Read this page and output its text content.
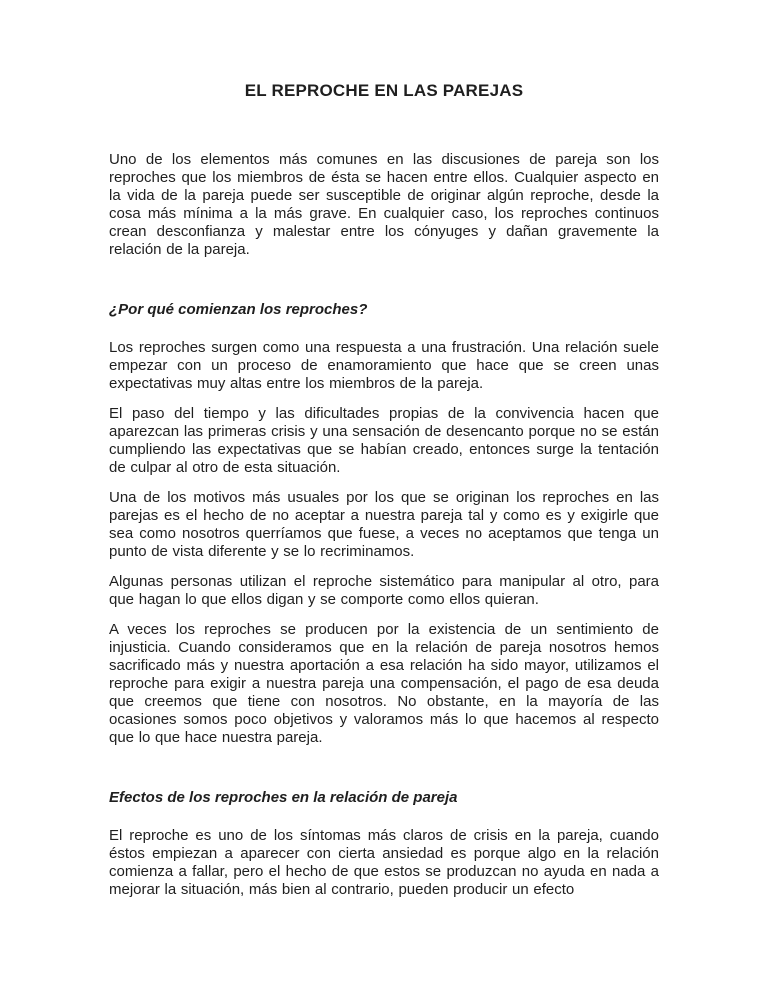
EL REPROCHE EN LAS PAREJAS

Uno de los elementos más comunes en las discusiones de pareja son los reproches que los miembros de ésta se hacen entre ellos. Cualquier aspecto en la vida de la pareja puede ser susceptible de originar algún reproche, desde la cosa más mínima a la más grave. En cualquier caso, los reproches continuos crean desconfianza y malestar entre los cónyuges y dañan gravemente la relación de la pareja.

¿Por qué comienzan los reproches?

Los reproches surgen como una respuesta a una frustración. Una relación suele empezar con un proceso de enamoramiento que hace que se creen unas expectativas muy altas entre los miembros de la pareja.

El paso del tiempo y las dificultades propias de la convivencia hacen que aparezcan las primeras crisis y una sensación de desencanto porque no se están cumpliendo las expectativas que se habían creado, entonces surge la tentación de culpar al otro de esta situación.

Una de los motivos más usuales por los que se originan los reproches en las parejas es el hecho de no aceptar a nuestra pareja tal y como es y exigirle que sea como nosotros querríamos que fuese, a veces no aceptamos que tenga un punto de vista diferente y se lo recriminamos.

Algunas personas utilizan el reproche sistemático para manipular al otro, para que hagan lo que ellos digan y se comporte como ellos quieran.

A veces los reproches se producen por la existencia de un sentimiento de injusticia. Cuando consideramos que en la relación de pareja nosotros hemos sacrificado más y nuestra aportación a esa relación ha sido mayor, utilizamos el reproche para exigir a nuestra pareja una compensación, el pago de esa deuda que creemos que tiene con nosotros. No obstante, en la mayoría de las ocasiones somos poco objetivos y valoramos más lo que hacemos al respecto que lo que hace nuestra pareja.

Efectos de los reproches en la relación de pareja

El reproche es uno de los síntomas más claros de crisis en la pareja, cuando éstos empiezan a aparecer con cierta ansiedad es porque algo en la relación comienza a fallar, pero el hecho de que estos se produzcan no ayuda en nada a mejorar la situación, más bien al contrario, pueden producir un efecto
